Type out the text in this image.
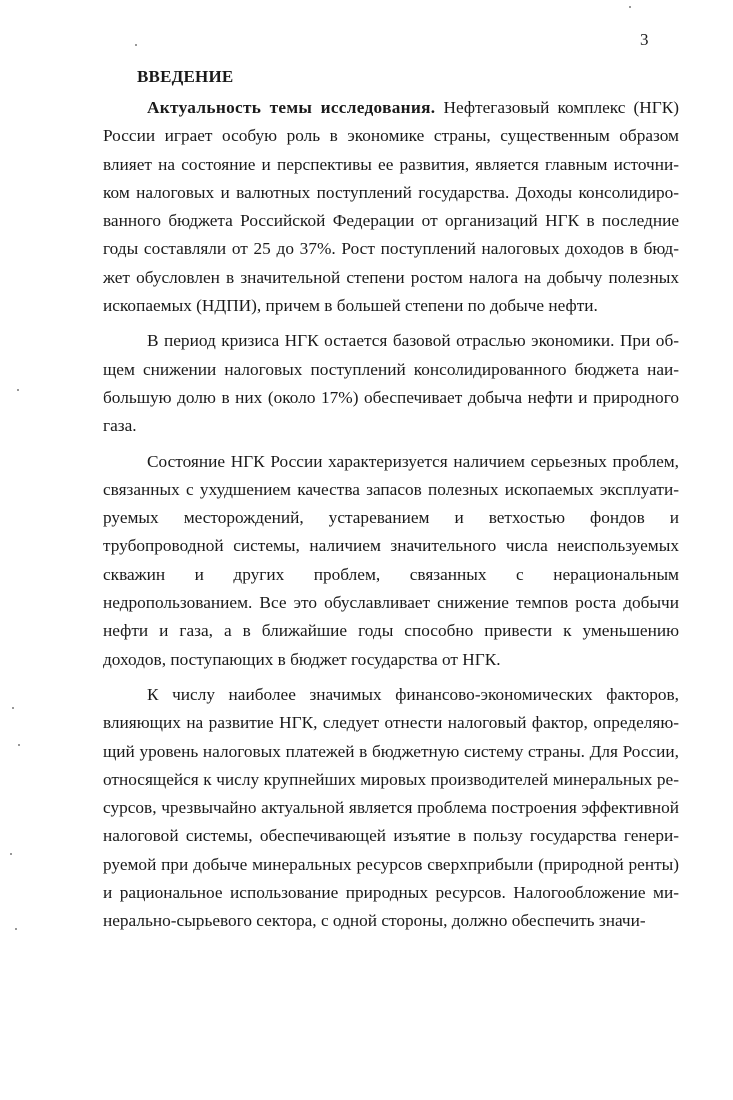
3
ВВЕДЕНИЕ

Актуальность темы исследования. Нефтегазовый комплекс (НГК) России играет особую роль в экономике страны, существенным образом влияет на состояние и перспективы ее развития, является главным источником налоговых и валютных поступлений государства. Доходы консолидированного бюджета Российской Федерации от организаций НГК в последние годы составляли от 25 до 37%. Рост поступлений налоговых доходов в бюджет обусловлен в значительной степени ростом налога на добычу полезных ископаемых (НДПИ), причем в большей степени по добыче нефти.

В период кризиса НГК остается базовой отраслью экономики. При общем снижении налоговых поступлений консолидированного бюджета наибольшую долю в них (около 17%) обеспечивает добыча нефти и природного газа.

Состояние НГК России характеризуется наличием серьезных проблем, связанных с ухудшением качества запасов полезных ископаемых эксплуатируемых месторождений, устареванием и ветхостью фондов и трубопроводной системы, наличием значительного числа неиспользуемых скважин и других проблем, связанных с нерациональным недропользованием. Все это обуславливает снижение темпов роста добычи нефти и газа, а в ближайшие годы способно привести к уменьшению доходов, поступающих в бюджет государства от НГК.

К числу наиболее значимых финансово-экономических факторов, влияющих на развитие НГК, следует отнести налоговый фактор, определяющий уровень налоговых платежей в бюджетную систему страны. Для России, относящейся к числу крупнейших мировых производителей минеральных ресурсов, чрезвычайно актуальной является проблема построения эффективной налоговой системы, обеспечивающей изъятие в пользу государства генерируемой при добыче минеральных ресурсов сверхприбыли (природной ренты) и рациональное использование природных ресурсов. Налогообложение минерально-сырьевого сектора, с одной стороны, должно обеспечить значи-
